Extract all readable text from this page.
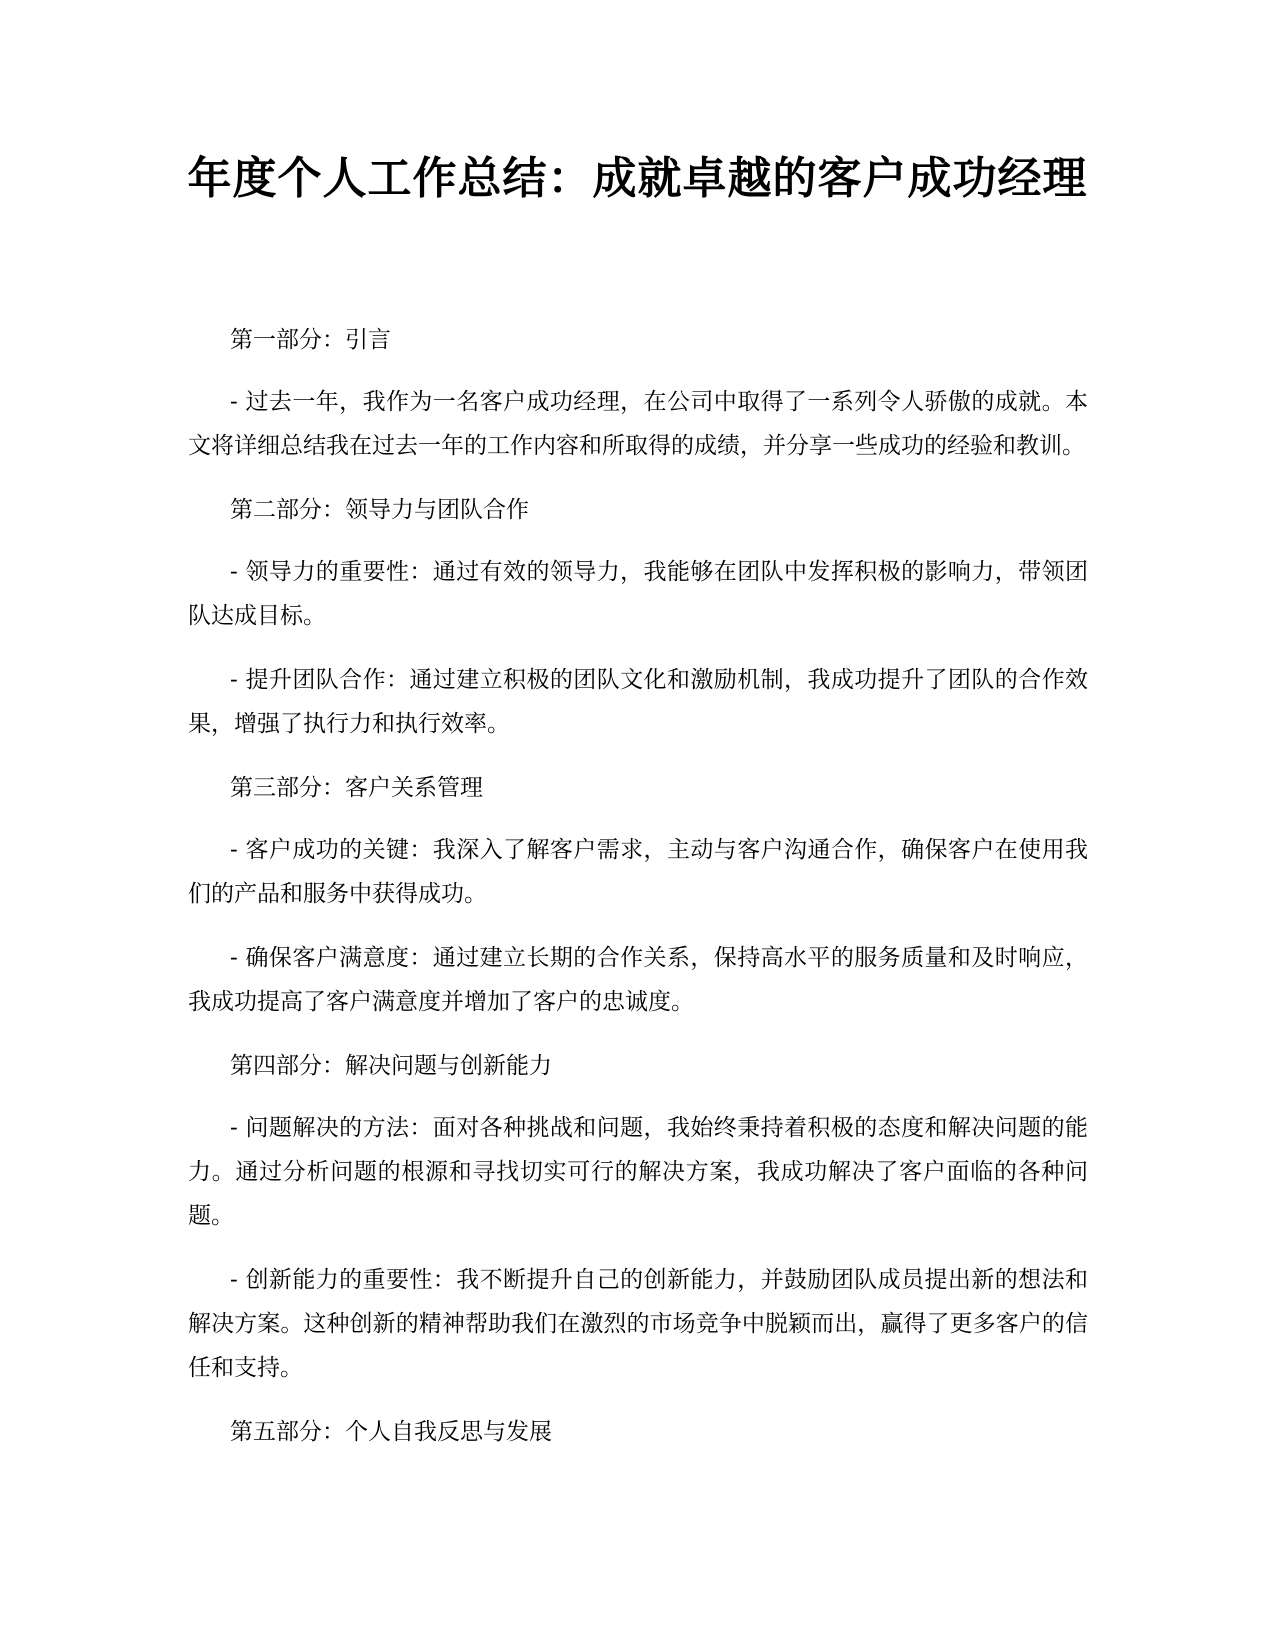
年度个人工作总结：成就卓越的客户成功经理

第一部分：引言

- 过去一年，我作为一名客户成功经理，在公司中取得了一系列令人骄傲的成就。本文将详细总结我在过去一年的工作内容和所取得的成绩，并分享一些成功的经验和教训。

第二部分：领导力与团队合作

- 领导力的重要性：通过有效的领导力，我能够在团队中发挥积极的影响力，带领团队达成目标。

- 提升团队合作：通过建立积极的团队文化和激励机制，我成功提升了团队的合作效果，增强了执行力和执行效率。

第三部分：客户关系管理

- 客户成功的关键：我深入了解客户需求，主动与客户沟通合作，确保客户在使用我们的产品和服务中获得成功。

- 确保客户满意度：通过建立长期的合作关系，保持高水平的服务质量和及时响应，我成功提高了客户满意度并增加了客户的忠诚度。

第四部分：解决问题与创新能力

- 问题解决的方法：面对各种挑战和问题，我始终秉持着积极的态度和解决问题的能力。通过分析问题的根源和寻找切实可行的解决方案，我成功解决了客户面临的各种问题。

- 创新能力的重要性：我不断提升自己的创新能力，并鼓励团队成员提出新的想法和解决方案。这种创新的精神帮助我们在激烈的市场竞争中脱颖而出，赢得了更多客户的信任和支持。

第五部分：个人自我反思与发展
